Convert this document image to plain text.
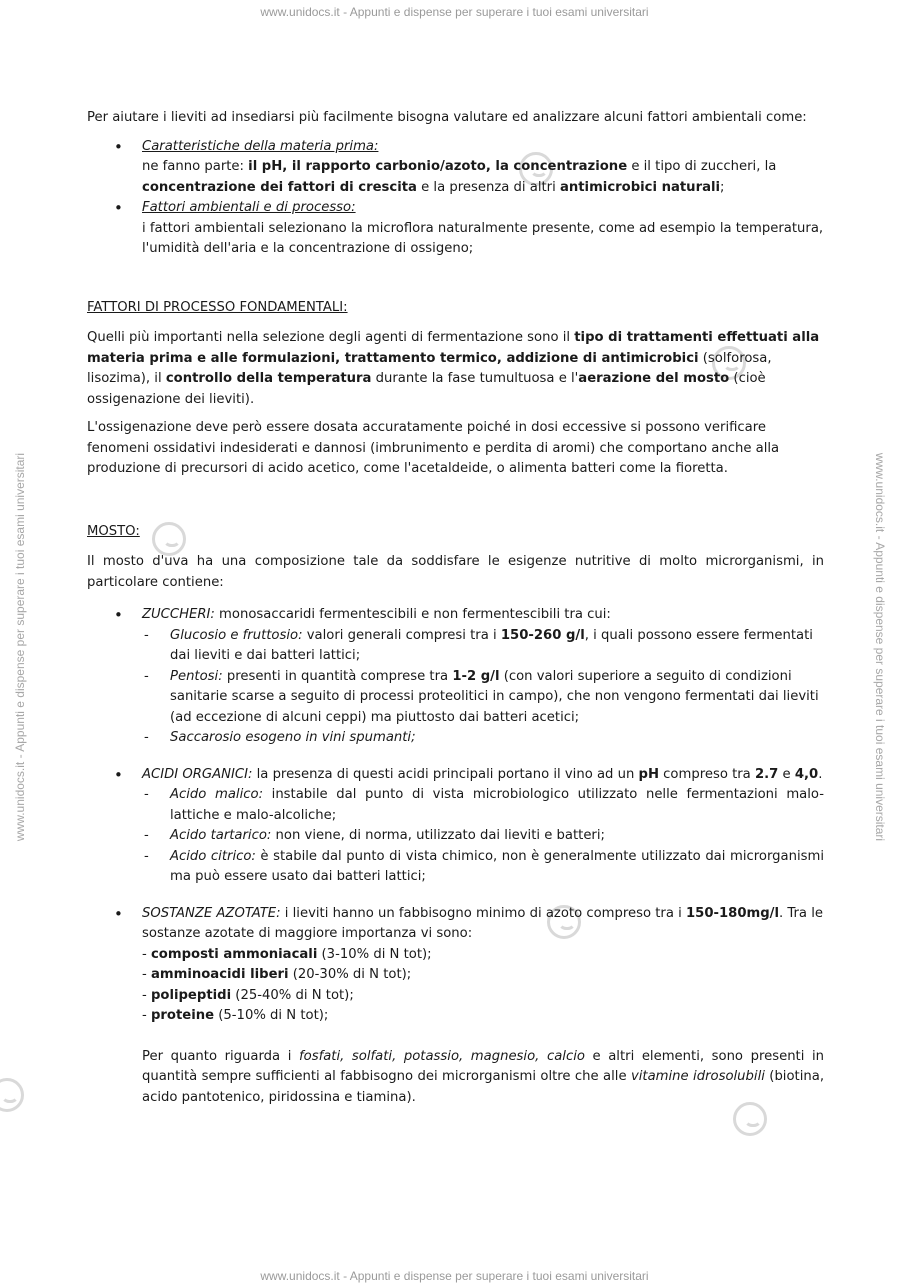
www.unidocs.it - Appunti e dispense per superare i tuoi esami universitari
www.unidocs.it - Appunti e dispense per superare i tuoi esami universitari
www.unidocs.it - Appunti e dispense per superare i tuoi esami universitari	www.unidocs.it - Appunti e dispense per superare i tuoi esami universitari

Per aiutare i lieviti ad insediarsi più facilmente bisogna valutare ed analizzare alcuni fattori ambientali come:

• Caratteristiche della materia prima:
ne fanno parte: il pH, il rapporto carbonio/azoto, la concentrazione e il tipo di zuccheri, la concentrazione dei fattori di crescita e la presenza di altri antimicrobici naturali;
• Fattori ambientali e di processo:
i fattori ambientali selezionano la microflora naturalmente presente, come ad esempio la temperatura, l'umidità dell'aria e la concentrazione di ossigeno;

FATTORI DI PROCESSO FONDAMENTALI:

Quelli più importanti nella selezione degli agenti di fermentazione sono il tipo di trattamenti effettuati alla materia prima e alle formulazioni, trattamento termico, addizione di antimicrobici (solforosa, lisozima), il controllo della temperatura durante la fase tumultuosa e l'aerazione del mosto (cioè ossigenazione dei lieviti).

L'ossigenazione deve però essere dosata accuratamente poiché in dosi eccessive si possono verificare fenomeni ossidativi indesiderati e dannosi (imbrunimento e perdita di aromi) che comportano anche alla produzione di precursori di acido acetico, come l'acetaldeide, o alimenta batteri come la fioretta.

MOSTO:

Il mosto d'uva ha una composizione tale da soddisfare le esigenze nutritive di molto microrganismi, in particolare contiene:

• ZUCCHERI: monosaccaridi fermentescibili e non fermentescibili tra cui:
- Glucosio e fruttosio: valori generali compresi tra i 150-260 g/l, i quali possono essere fermentati dai lieviti e dai batteri lattici;
- Pentosi: presenti in quantità comprese tra 1-2 g/l (con valori superiore a seguito di condizioni sanitarie scarse a seguito di processi proteolitici in campo), che non vengono fermentati dai lieviti (ad eccezione di alcuni ceppi) ma piuttosto dai batteri acetici;
- Saccarosio esogeno in vini spumanti;
• ACIDI ORGANICI: la presenza di questi acidi principali portano il vino ad un pH compreso tra 2.7 e 4,0.
- Acido malico: instabile dal punto di vista microbiologico utilizzato nelle fermentazioni malo-lattiche e malo-alcoliche;
- Acido tartarico: non viene, di norma, utilizzato dai lieviti e batteri;
- Acido citrico: è stabile dal punto di vista chimico, non è generalmente utilizzato dai microrganismi ma può essere usato dai batteri lattici;
• SOSTANZE AZOTATE: i lieviti hanno un fabbisogno minimo di azoto compreso tra i 150-180mg/l. Tra le sostanze azotate di maggiore importanza vi sono:
- composti ammoniacali (3-10% di N tot);
- amminoacidi liberi (20-30% di N tot);
- polipeptidi (25-40% di N tot);
- proteine (5-10% di N tot);

Per quanto riguarda i fosfati, solfati, potassio, magnesio, calcio e altri elementi, sono presenti in quantità sempre sufficienti al fabbisogno dei microrganismi oltre che alle vitamine idrosolubili (biotina, acido pantotenico, piridossina e tiamina).
